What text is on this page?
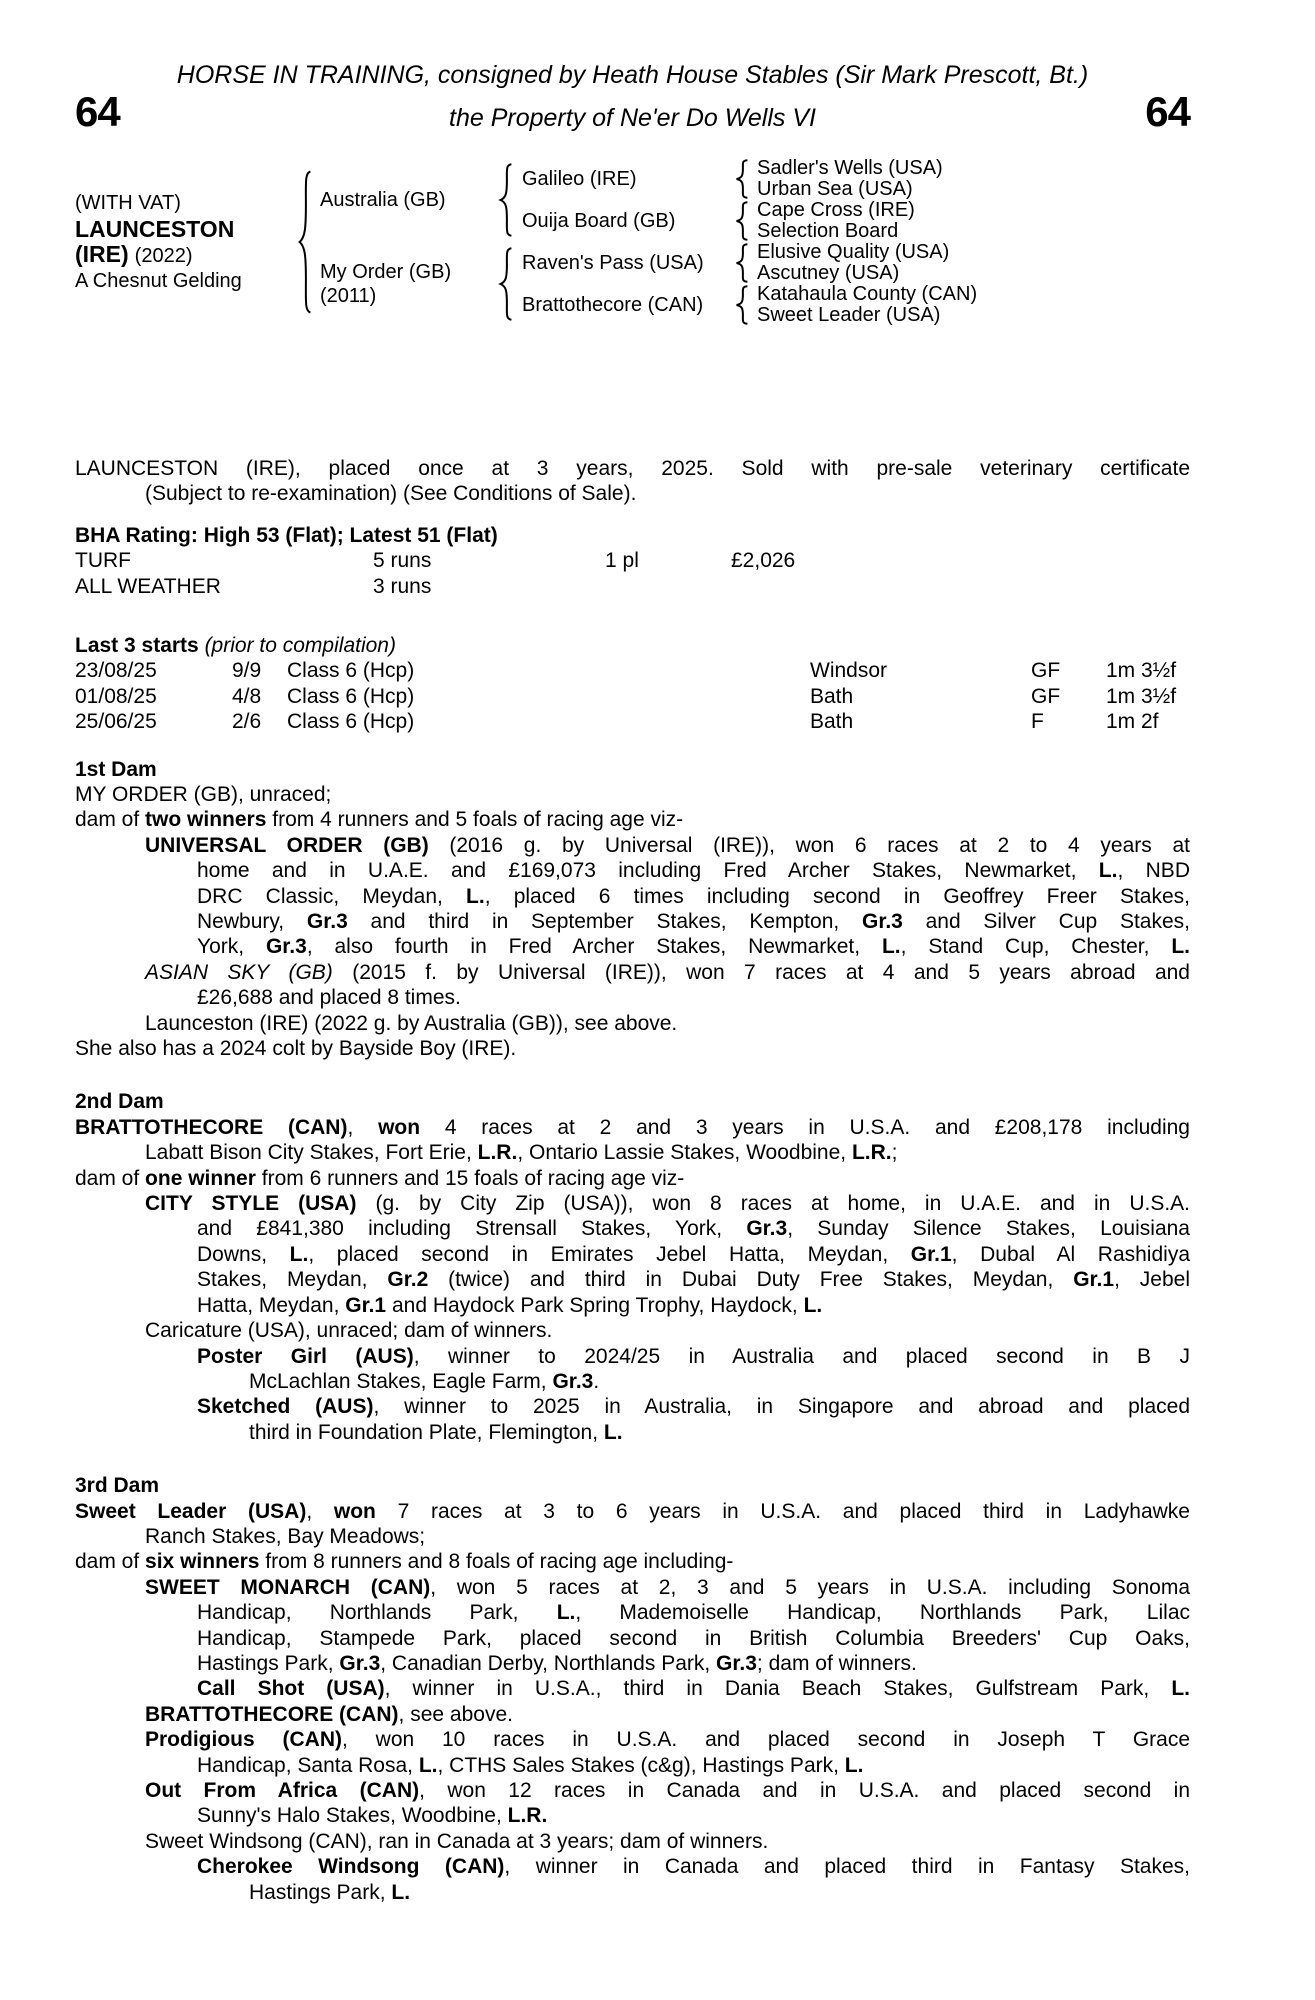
HORSE IN TRAINING, consigned by Heath House Stables (Sir Mark Prescott, Bt.)
64	the Property of Ne'er Do Wells VI	64
(WITH VAT)
LAUNCESTON
(IRE) (2022)
A Chesnut Gelding
Australia (GB)
My Order (GB)
(2011)
Galileo (IRE)
Ouija Board (GB)
Raven's Pass (USA)
Brattothecore (CAN)
Sadler's Wells (USA)
Urban Sea (USA)
Cape Cross (IRE)
Selection Board
Elusive Quality (USA)
Ascutney (USA)
Katahaula County (CAN)
Sweet Leader (USA)
LAUNCESTON (IRE), placed once at 3 years, 2025. Sold with pre-sale veterinary certificate
(Subject to re-examination) (See Conditions of Sale).
BHA Rating: High 53 (Flat); Latest 51 (Flat)
TURF	5 runs	1 pl	£2,026
ALL WEATHER	3 runs
Last 3 starts (prior to compilation)
23/08/25	9/9 Class 6 (Hcp)	Windsor	GF 1m 3½f
01/08/25	4/8 Class 6 (Hcp)	Bath	GF 1m 3½f
25/06/25	2/6 Class 6 (Hcp)	Bath	F	1m 2f
1st Dam
MY ORDER (GB), unraced;
dam of two winners from 4 runners and 5 foals of racing age viz-
UNIVERSAL ORDER (GB) (2016 g. by Universal (IRE)), won 6 races at 2 to 4 years at
home and in U.A.E. and £169,073 including Fred Archer Stakes, Newmarket, L., NBD
DRC Classic, Meydan, L., placed 6 times including second in Geoffrey Freer Stakes,
Newbury, Gr.3 and third in September Stakes, Kempton, Gr.3 and Silver Cup Stakes,
York, Gr.3, also fourth in Fred Archer Stakes, Newmarket, L., Stand Cup, Chester, L.
ASIAN SKY (GB) (2015 f. by Universal (IRE)), won 7 races at 4 and 5 years abroad and
£26,688 and placed 8 times.
Launceston (IRE) (2022 g. by Australia (GB)), see above.
She also has a 2024 colt by Bayside Boy (IRE).
2nd Dam
BRATTOTHECORE (CAN), won 4 races at 2 and 3 years in U.S.A. and £208,178 including
Labatt Bison City Stakes, Fort Erie, L.R., Ontario Lassie Stakes, Woodbine, L.R.;
dam of one winner from 6 runners and 15 foals of racing age viz-
CITY STYLE (USA) (g. by City Zip (USA)), won 8 races at home, in U.A.E. and in U.S.A.
and £841,380 including Strensall Stakes, York, Gr.3, Sunday Silence Stakes, Louisiana
Downs, L., placed second in Emirates Jebel Hatta, Meydan, Gr.1, Dubal Al Rashidiya
Stakes, Meydan, Gr.2 (twice) and third in Dubai Duty Free Stakes, Meydan, Gr.1, Jebel
Hatta, Meydan, Gr.1 and Haydock Park Spring Trophy, Haydock, L.
Caricature (USA), unraced; dam of winners.
Poster Girl (AUS), winner to 2024/25 in Australia and placed second in B J
McLachlan Stakes, Eagle Farm, Gr.3.
Sketched (AUS), winner to 2025 in Australia, in Singapore and abroad and placed
third in Foundation Plate, Flemington, L.
3rd Dam
Sweet Leader (USA), won 7 races at 3 to 6 years in U.S.A. and placed third in Ladyhawke
Ranch Stakes, Bay Meadows;
dam of six winners from 8 runners and 8 foals of racing age including-
SWEET MONARCH (CAN), won 5 races at 2, 3 and 5 years in U.S.A. including Sonoma
Handicap, Northlands Park, L., Mademoiselle Handicap, Northlands Park, Lilac
Handicap, Stampede Park, placed second in British Columbia Breeders' Cup Oaks,
Hastings Park, Gr.3, Canadian Derby, Northlands Park, Gr.3; dam of winners.
Call Shot (USA), winner in U.S.A., third in Dania Beach Stakes, Gulfstream Park, L.
BRATTOTHECORE (CAN), see above.
Prodigious (CAN), won 10 races in U.S.A. and placed second in Joseph T Grace
Handicap, Santa Rosa, L., CTHS Sales Stakes (c&g), Hastings Park, L.
Out From Africa (CAN), won 12 races in Canada and in U.S.A. and placed second in
Sunny's Halo Stakes, Woodbine, L.R.
Sweet Windsong (CAN), ran in Canada at 3 years; dam of winners.
Cherokee Windsong (CAN), winner in Canada and placed third in Fantasy Stakes,
Hastings Park, L.
